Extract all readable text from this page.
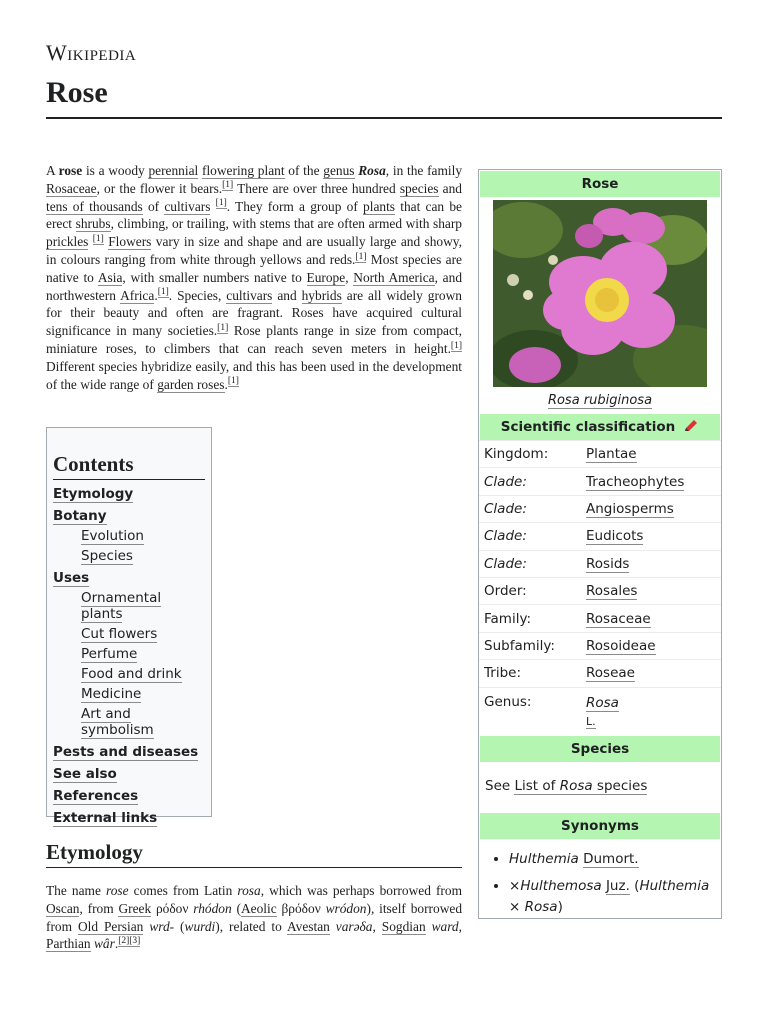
Wikipedia
Rose

A rose is a woody perennial flowering plant of the genus Rosa, in the family Rosaceae, or the flower it bears.[1] There are over three hundred species and tens of thousands of cultivars [1]. They form a group of plants that can be erect shrubs, climbing, or trailing, with stems that are often armed with sharp prickles [1] Flowers vary in size and shape and are usually large and showy, in colours ranging from white through yellows and reds.[1] Most species are native to Asia, with smaller numbers native to Europe, North America, and northwestern Africa.[1]. Species, cultivars and hybrids are all widely grown for their beauty and often are fragrant. Roses have acquired cultural significance in many societies.[1] Rose plants range in size from compact, miniature roses, to climbers that can reach seven meters in height.[1] Different species hybridize easily, and this has been used in the development of the wide range of garden roses.[1]

Contents
Etymology
Botany
Evolution
Species
Uses
Ornamental plants
Cut flowers
Perfume
Food and drink
Medicine
Art and symbolism
Pests and diseases
See also
References
External links
Etymology

The name rose comes from Latin rosa, which was perhaps borrowed from Oscan, from Greek ρόδον rhódon (Aeolic βρόδον wródon), itself borrowed from Old Persian wrd- (wurdi), related to Avestan varəδa, Sogdian ward, Parthian wâr.[2][3]

Rose
Rosa rubiginosa
Scientific classification
Kingdom:	Plantae
Clade:	Tracheophytes
Clade:	Angiosperms
Clade:	Eudicots
Clade:	Rosids
Order:	Rosales
Family:	Rosaceae
Subfamily:	Rosoideae
Tribe:	Roseae
Genus:	Rosa
L.
Species
See List of Rosa species
Synonyms
• Hulthemia Dumort.
• ×Hulthemosa Juz. (Hulthemia × Rosa)
